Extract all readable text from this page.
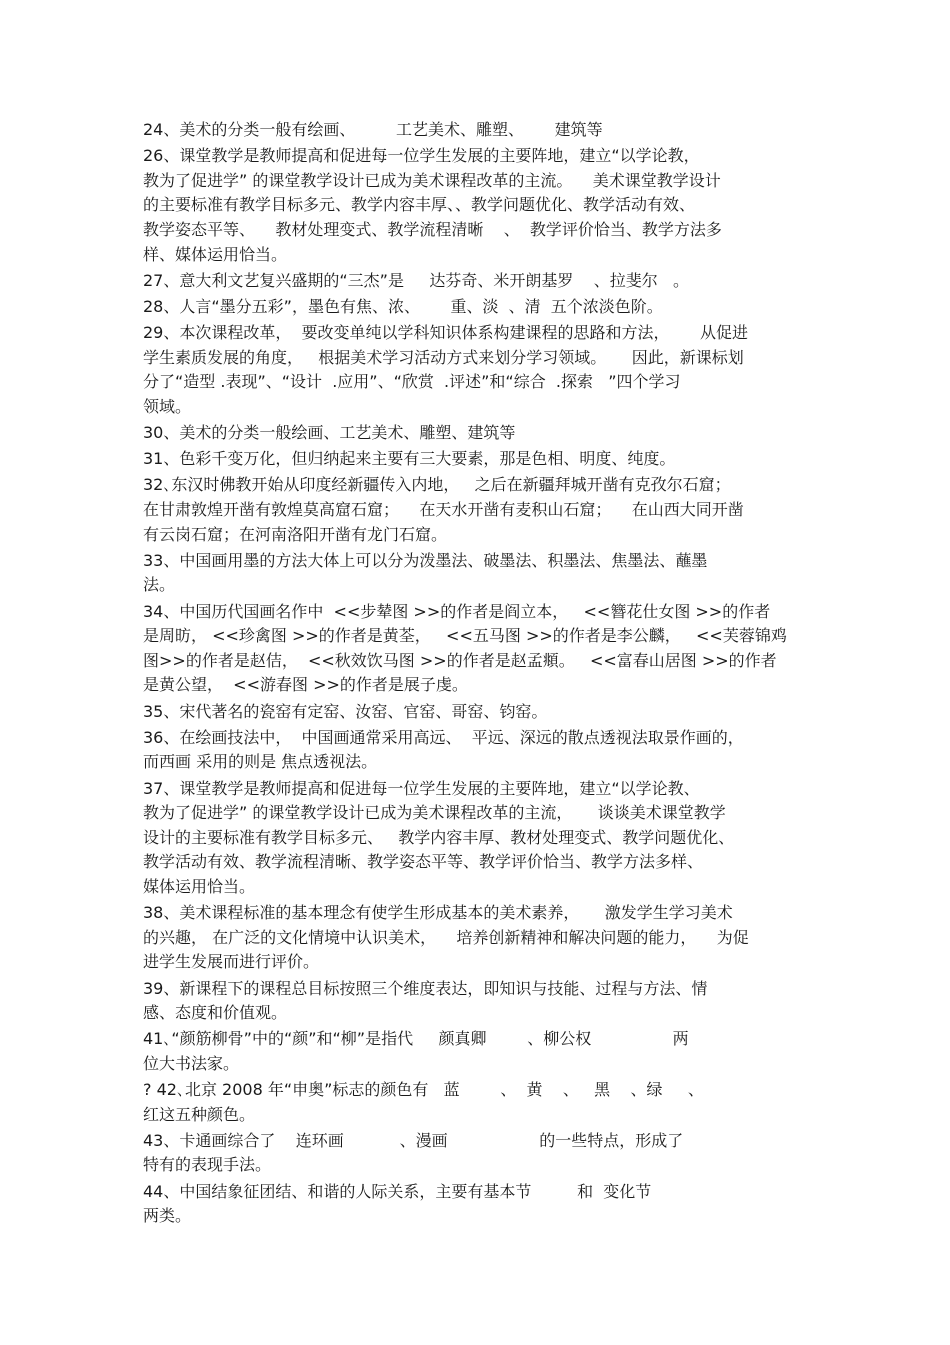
24、美术的分类一般有绘画、        工艺美术、雕塑、      建筑等
26、课堂教学是教师提高和促进每一位学生发展的主要阵地，建立“以学论教，
教为了促进学” 的课堂教学设计已成为美术课程改革的主流。    美术课堂教学设计
的主要标准有教学目标多元、教学内容丰厚、、教学问题优化、教学活动有效、
教学姿态平等、    教材处理变式、教学流程清晰    、  教学评价恰当、教学方法多
样、媒体运用恰当。
27、意大利文艺复兴盛期的“三杰”是     达芬奇、米开朗基罗    、拉斐尔   。
28、人言“墨分五彩”，墨色有焦、浓、      重、淡  、清  五个浓淡色阶。
29、本次课程改革，  要改变单纯以学科知识体系构建课程的思路和方法，      从促进
学生素质发展的角度，   根据美术学习活动方式来划分学习领域。     因此，新课标划
分了“造型 .表现”、“设计  .应用”、“欣赏  .评述”和“综合  .探索   ”四个学习
领域。
30、美术的分类一般绘画、工艺美术、雕塑、建筑等
31、色彩千变万化，但归纳起来主要有三大要素，那是色相、明度、纯度。
32､东汉时佛教开始从印度经新疆传入内地，   之后在新疆拜城开凿有克孜尔石窟；
在甘肃敦煌开凿有敦煌莫高窟石窟；    在天水开凿有麦积山石窟；    在山西大同开凿
有云岗石窟；在河南洛阳开凿有龙门石窟。
33、中国画用墨的方法大体上可以分为泼墨法、破墨法、积墨法、焦墨法、蘸墨
法。
34、中国历代国画名作中  <<步辇图 >>的作者是阎立本，   <<簪花仕女图 >>的作者
是周昉， <<珍禽图 >>的作者是黄荃，   <<五马图 >>的作者是李公麟，   <<芙蓉锦鸡
图>>的作者是赵佶，  <<秋效饮马图 >>的作者是赵孟頫。   <<富春山居图 >>的作者
是黄公望，  <<游春图 >>的作者是展子虔。
35、宋代著名的瓷窑有定窑、汝窑、官窑、哥窑、钧窑。
36、在绘画技法中，  中国画通常采用高远、  平远、深远的散点透视法取景作画的，
而西画 采用的则是 焦点透视法。
37、课堂教学是教师提高和促进每一位学生发展的主要阵地，建立“以学论教、
教为了促进学” 的课堂教学设计已成为美术课程改革的主流，     谈谈美术课堂教学
设计的主要标准有教学目标多元、   教学内容丰厚、教材处理变式、教学问题优化、
教学活动有效、教学流程清晰、教学姿态平等、教学评价恰当、教学方法多样、
媒体运用恰当。
38、美术课程标准的基本理念有使学生形成基本的美术素养，     激发学生学习美术
的兴趣， 在广泛的文化情境中认识美术，    培养创新精神和解决问题的能力，    为促
进学生发展而进行评价。
39、新课程下的课程总目标按照三个维度表达，即知识与技能、过程与方法、情
感、态度和价值观。
41､“颜筋柳骨”中的“颜”和“柳”是指代     颜真卿        、柳公权                两
位大书法家。
? 42､北京 2008 年“申奥”标志的颜色有   蓝        、  黄    、   黑    、绿     、
红这五种颜色。
43、卡通画综合了    连环画           、漫画                  的一些特点，形成了
特有的表现手法。
44、中国结象征团结、和谐的人际关系，主要有基本节         和  变化节
两类。
